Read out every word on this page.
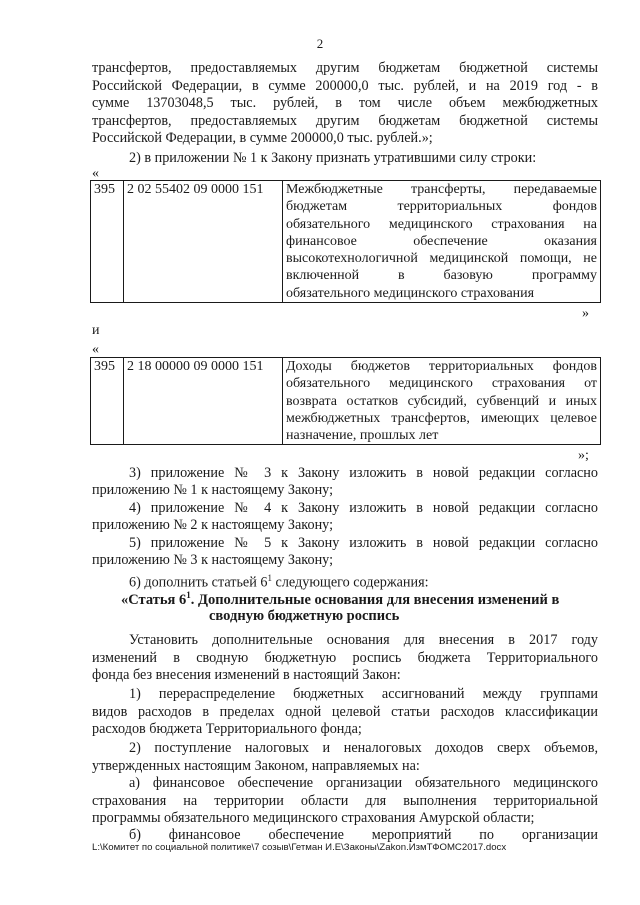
2
трансфертов, предоставляемых другим бюджетам бюджетной системы
Российской Федерации, в сумме 200000,0 тыс. рублей, и на 2019 год - в
сумме 13703048,5 тыс. рублей, в том числе объем межбюджетных
трансфертов, предоставляемых другим бюджетам бюджетной системы
Российской Федерации, в сумме 200000,0 тыс. рублей.»;
2) в приложении № 1 к Закону признать утратившими силу строки:
«
395	2 02 55402 09 0000 151	Межбюджетные трансферты, передаваемые
бюджетам территориальных фондов
обязательного медицинского страхования на
финансовое обеспечение оказания
высокотехнологичной медицинской помощи, не
включенной в базовую программу
обязательного медицинского страхования
»
и
«
395	2 18 00000 09 0000 151	Доходы бюджетов территориальных фондов
обязательного медицинского страхования от
возврата остатков субсидий, субвенций и иных
межбюджетных трансфертов, имеющих целевое
назначение, прошлых лет
»;
3) приложение № 3 к Закону изложить в новой редакции согласно
приложению № 1 к настоящему Закону;
4) приложение № 4 к Закону изложить в новой редакции согласно
приложению № 2 к настоящему Закону;
5) приложение № 5 к Закону изложить в новой редакции согласно
приложению № 3 к настоящему Закону;
6) дополнить статьей $6^1$ следующего содержания:
«Статья $6^1$. Дополнительные основания для внесения изменений в
сводную бюджетную роспись
Установить дополнительные основания для внесения в 2017 году
изменений в сводную бюджетную роспись бюджета Территориального
фонда без внесения изменений в настоящий Закон:
1) перераспределение бюджетных ассигнований между группами
видов расходов в пределах одной целевой статьи расходов классификации
расходов бюджета Территориального фонда;
2) поступление налоговых и неналоговых доходов сверх объемов,
утвержденных настоящим Законом, направляемых на:
а) финансовое обеспечение организации обязательного медицинского
страхования на территории области для выполнения территориальной
программы обязательного медицинского страхования Амурской области;
б) финансовое обеспечение мероприятий по организации
L:\Комитет по социальной политике\7 созыв\Гетман И.Е\Законы\Zakon.ИзмТФОМС2017.docx
